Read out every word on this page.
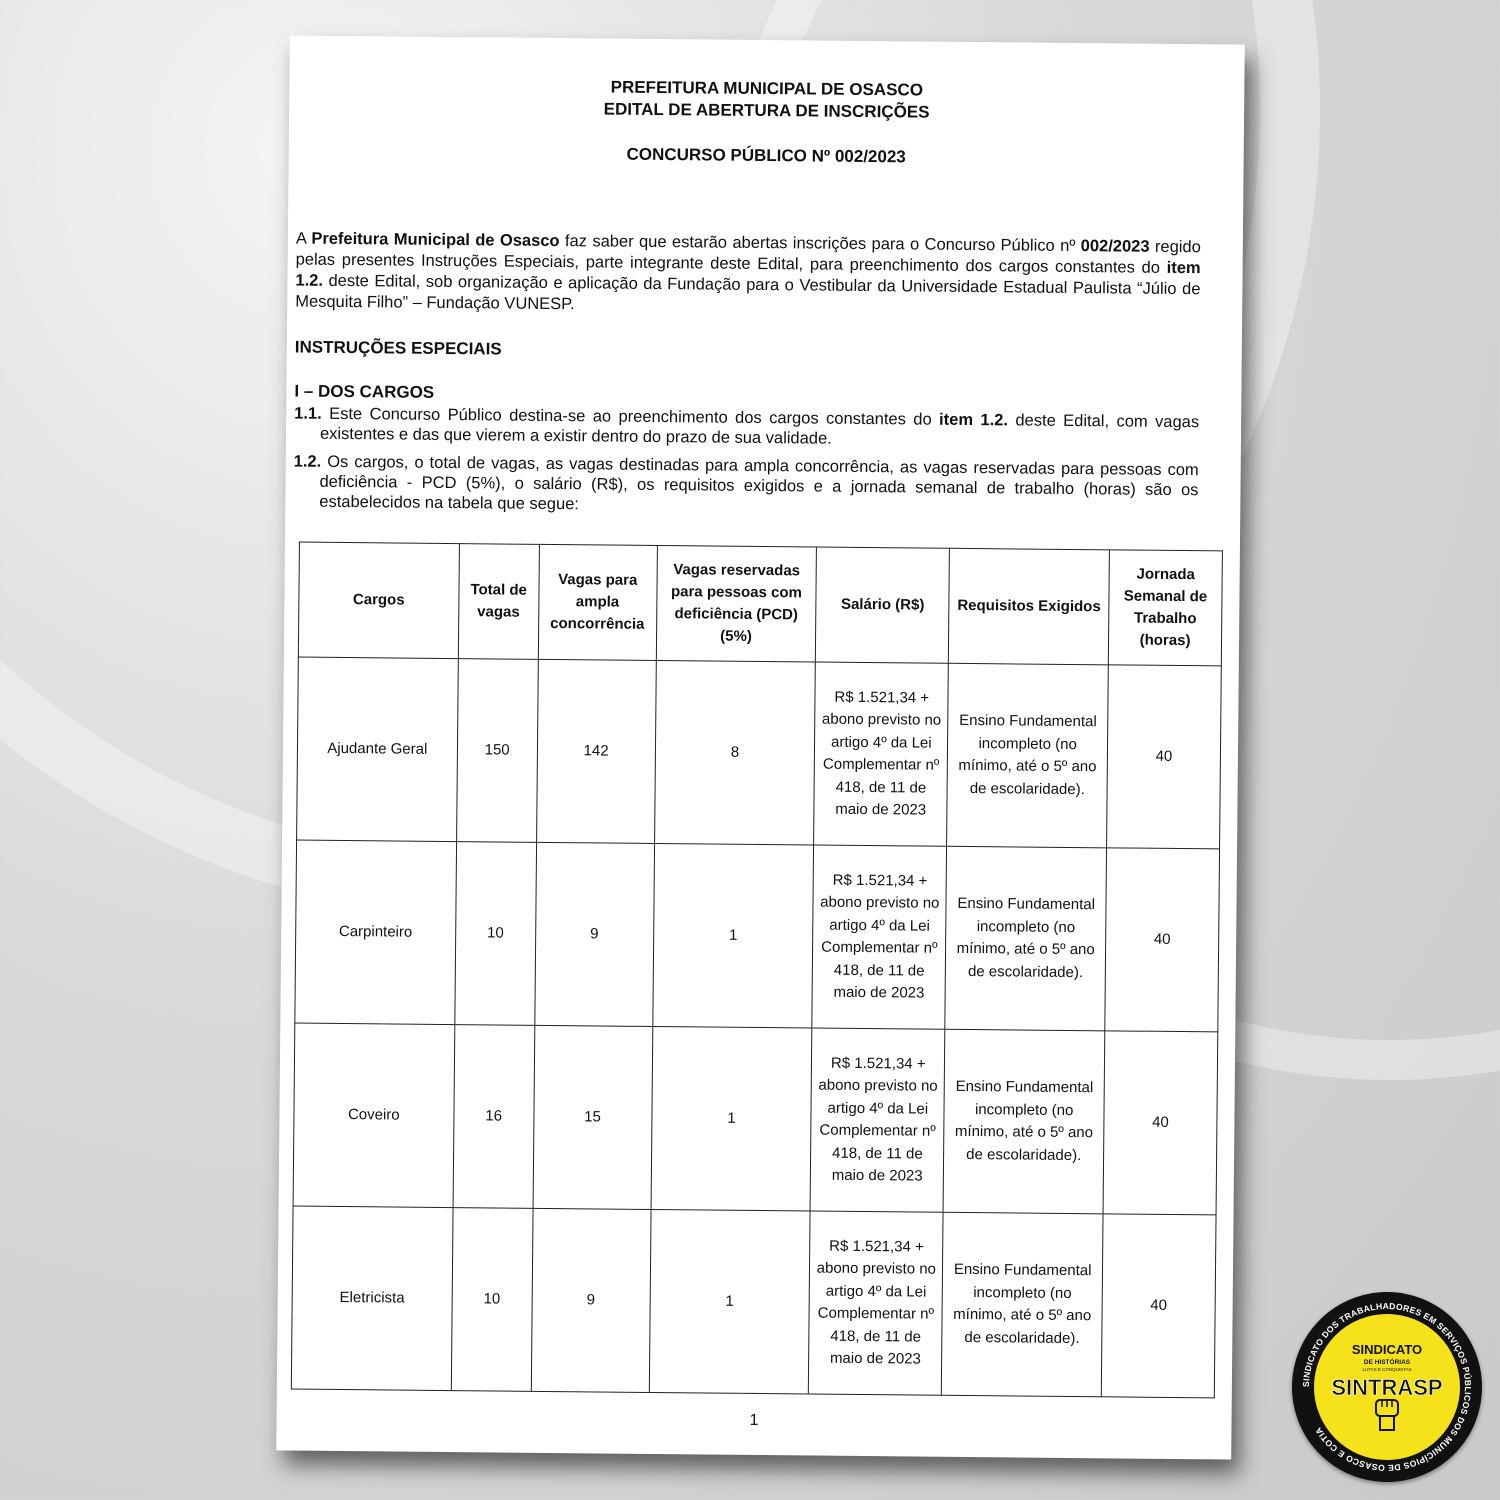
PREFEITURA MUNICIPAL DE OSASCO
EDITAL DE ABERTURA DE INSCRIÇÕES
CONCURSO PÚBLICO Nº 002/2023
A Prefeitura Municipal de Osasco faz saber que estarão abertas inscrições para o Concurso Público nº 002/2023 regido pelas presentes Instruções Especiais, parte integrante deste Edital, para preenchimento dos cargos constantes do item 1.2. deste Edital, sob organização e aplicação da Fundação para o Vestibular da Universidade Estadual Paulista “Júlio de Mesquita Filho” – Fundação VUNESP.
INSTRUÇÕES ESPECIAIS
I – DOS CARGOS
1.1. Este Concurso Público destina-se ao preenchimento dos cargos constantes do item 1.2. deste Edital, com vagas existentes e das que vierem a existir dentro do prazo de sua validade.
1.2. Os cargos, o total de vagas, as vagas destinadas para ampla concorrência, as vagas reservadas para pessoas com deficiência - PCD (5%), o salário (R$), os requisitos exigidos e a jornada semanal de trabalho (horas) são os estabelecidos na tabela que segue:
Cargos	Total de vagas	Vagas para ampla concorrência	Vagas reservadas para pessoas com deficiência (PCD) (5%)	Salário (R$)	Requisitos Exigidos	Jornada Semanal de Trabalho (horas)
Ajudante Geral	150	142	8	R$ 1.521,34 + abono previsto no artigo 4º da Lei Complementar nº 418, de 11 de maio de 2023	Ensino Fundamental incompleto (no mínimo, até o 5º ano de escolaridade).	40
Carpinteiro	10	9	1	R$ 1.521,34 + abono previsto no artigo 4º da Lei Complementar nº 418, de 11 de maio de 2023	Ensino Fundamental incompleto (no mínimo, até o 5º ano de escolaridade).	40
Coveiro	16	15	1	R$ 1.521,34 + abono previsto no artigo 4º da Lei Complementar nº 418, de 11 de maio de 2023	Ensino Fundamental incompleto (no mínimo, até o 5º ano de escolaridade).	40
Eletricista	10	9	1	R$ 1.521,34 + abono previsto no artigo 4º da Lei Complementar nº 418, de 11 de maio de 2023	Ensino Fundamental incompleto (no mínimo, até o 5º ano de escolaridade).	40
1
SINDICATO DOS TRABALHADORES EM SERVIÇOS PÚBLICOS DOS MUNICÍPIOS DE OSASCO E COTIA
SINDICATO
DE HISTÓRIAS
LUTAS E CONQUISTAS
SINTRASP
